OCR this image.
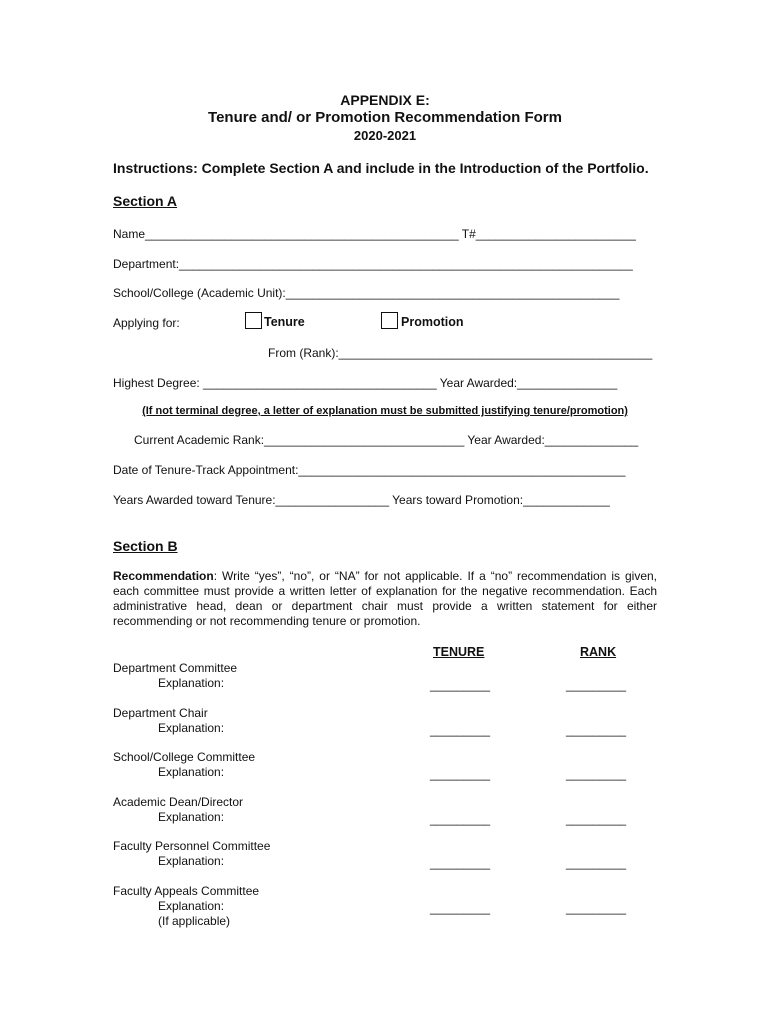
APPENDIX E:
Tenure and/ or Promotion Recommendation Form
2020-2021
Instructions: Complete Section A and include in the Introduction of the Portfolio.
Section A
Name_______________________________________________ T#________________________
Department:____________________________________________________________________
School/College (Academic Unit):__________________________________________________
Applying for:	Tenure	Promotion
From (Rank):_______________________________________________
Highest Degree: ___________________________________ Year Awarded:_______________
(If not terminal degree, a letter of explanation must be submitted justifying tenure/promotion)
Current Academic Rank:______________________________ Year Awarded:______________
Date of Tenure-Track Appointment:_________________________________________________
Years Awarded toward Tenure:_________________ Years toward Promotion:_____________
Section B
Recommendation: Write “yes”, “no”, or “NA” for not applicable. If a “no” recommendation is given, each committee must provide a written letter of explanation for the negative recommendation. Each administrative head, dean or department chair must provide a written statement for either recommending or not recommending tenure or promotion.
TENURE	RANK
Department Committee
Explanation:	_________	_________
Department Chair
Explanation:	_________	_________
School/College Committee
Explanation:	_________	_________
Academic Dean/Director
Explanation:	_________	_________
Faculty Personnel Committee
Explanation:	_________	_________
Faculty Appeals Committee
Explanation:
(If applicable)
_________	_________
